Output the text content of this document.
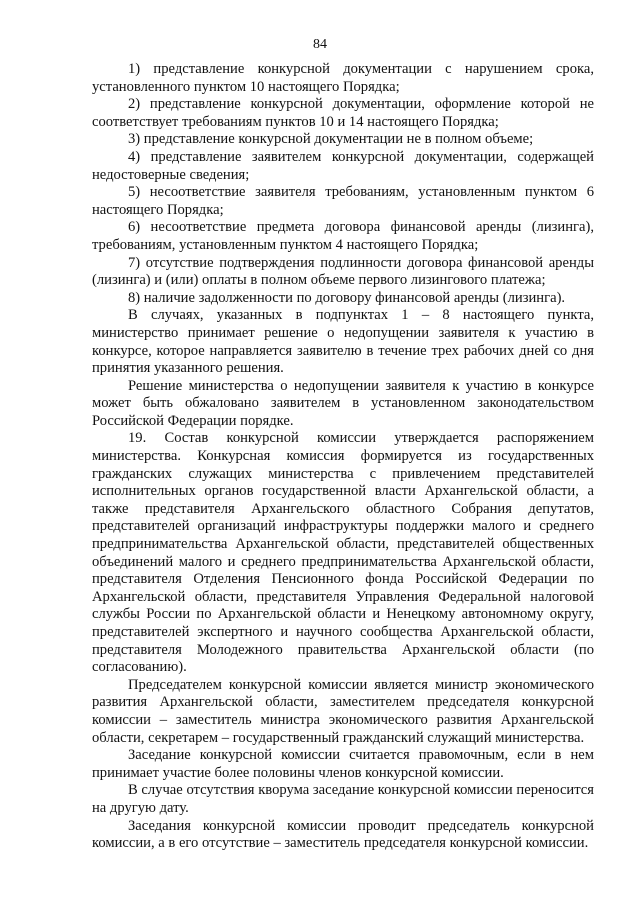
84

1) представление конкурсной документации с нарушением срока, установленного пунктом 10 настоящего Порядка;

2) представление конкурсной документации, оформление которой не соответствует требованиям пунктов 10 и 14 настоящего Порядка;

3) представление конкурсной документации не в полном объеме;

4) представление заявителем конкурсной документации, содержащей недостоверные сведения;

5) несоответствие заявителя требованиям, установленным пунктом 6 настоящего Порядка;

6) несоответствие предмета договора финансовой аренды (лизинга), требованиям, установленным пунктом 4 настоящего Порядка;

7) отсутствие подтверждения подлинности договора финансовой аренды (лизинга) и (или) оплаты в полном объеме первого лизингового платежа;

8) наличие задолженности по договору финансовой аренды (лизинга).

В случаях, указанных в подпунктах 1 – 8 настоящего пункта, министерство принимает решение о недопущении заявителя к участию в конкурсе, которое направляется заявителю в течение трех рабочих дней со дня принятия указанного решения.

Решение министерства о недопущении заявителя к участию в конкурсе может быть обжаловано заявителем в установленном законодательством Российской Федерации порядке.

19. Состав конкурсной комиссии утверждается распоряжением министерства. Конкурсная комиссия формируется из государственных гражданских служащих министерства с привлечением представителей исполнительных органов государственной власти Архангельской области, а также представителя Архангельского областного Собрания депутатов, представителей организаций инфраструктуры поддержки малого и среднего предпринимательства Архангельской области, представителей общественных объединений малого и среднего предпринимательства Архангельской области, представителя Отделения Пенсионного фонда Российской Федерации по Архангельской области, представителя Управления Федеральной налоговой службы России по Архангельской области и Ненецкому автономному округу, представителей экспертного и научного сообщества Архангельской области, представителя Молодежного правительства Архангельской области (по согласованию).

Председателем конкурсной комиссии является министр экономического развития Архангельской области, заместителем председателя конкурсной комиссии – заместитель министра экономического развития Архангельской области, секретарем – государственный гражданский служащий министерства.

Заседание конкурсной комиссии считается правомочным, если в нем принимает участие более половины членов конкурсной комиссии.

В случае отсутствия кворума заседание конкурсной комиссии переносится на другую дату.

Заседания конкурсной комиссии проводит председатель конкурсной комиссии, а в его отсутствие – заместитель председателя конкурсной комиссии.
